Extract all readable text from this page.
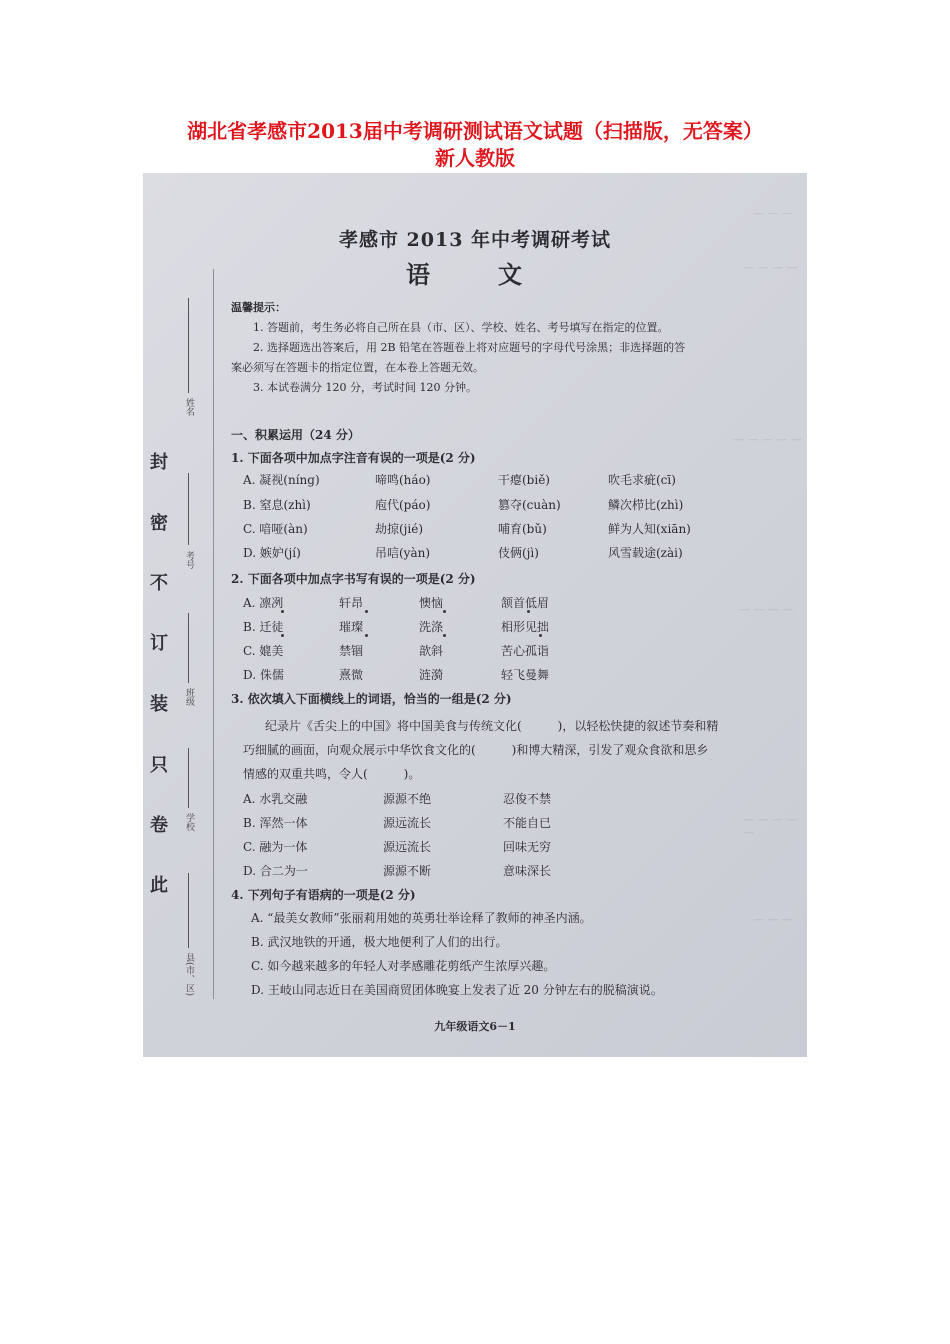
湖北省孝感市2013届中考调研测试语文试题（扫描版，无答案）
新人教版
— — —
— — — —
— — — — —
— — — —
— — — — —
— — —
封
密
不
订
装
只
卷
此
姓名
考号
班级
学校
县(市、区)
孝感市 2013 年中考调研考试
语　文
温馨提示：
1. 答题前，考生务必将自己所在县（市、区）、学校、姓名、考号填写在指定的位置。
2. 选择题选出答案后，用 2B 铅笔在答题卷上将对应题号的字母代号涂黑；非选择题的答
案必须写在答题卡的指定位置，在本卷上答题无效。
3. 本试卷满分 120 分，考试时间 120 分钟。
一、积累运用（24 分）
1. 下面各项中加点字注音有误的一项是(2 分)
A. 凝视(níng)	啼鸣(háo)	干瘪(biě)	吹毛求疵(cī)
B. 窒息(zhì)	庖代(páo)	篡夺(cuàn)	鳞次栉比(zhì)
C. 喑哑(àn)	劫掠(jié)	哺育(bǔ)	鲜为人知(xiān)
D. 嫉妒(jí)	吊唁(yàn)	伎俩(jì)	风雪载途(zài)
2. 下面各项中加点字书写有误的一项是(2 分)
A. 凛冽	轩昂	懊恼	颔首低眉
B. 迁徒	璀璨	洗涤	相形见拙
C. 媲美	禁锢	歆斜	苦心孤诣
D. 侏儒	熹微	涟漪	轻飞曼舞
3. 依次填入下面横线上的词语，恰当的一组是(2 分)
纪录片《舌尖上的中国》将中国美食与传统文化(　　　)，以轻松快捷的叙述节奏和精
巧细腻的画面，向观众展示中华饮食文化的(　　　)和博大精深，引发了观众食欲和思乡
情感的双重共鸣，令人(　　　)。
A. 水乳交融	源源不绝	忍俊不禁
B. 浑然一体	源远流长	不能自已
C. 融为一体	源远流长	回味无穷
D. 合二为一	源源不断	意味深长
4. 下列句子有语病的一项是(2 分)
A. “最美女教师”张丽莉用她的英勇壮举诠释了教师的神圣内涵。
B. 武汉地铁的开通，极大地便利了人们的出行。
C. 如今越来越多的年轻人对孝感雕花剪纸产生浓厚兴趣。
D. 王岐山同志近日在美国商贸团体晚宴上发表了近 20 分钟左右的脱稿演说。
九年级语文6－1
